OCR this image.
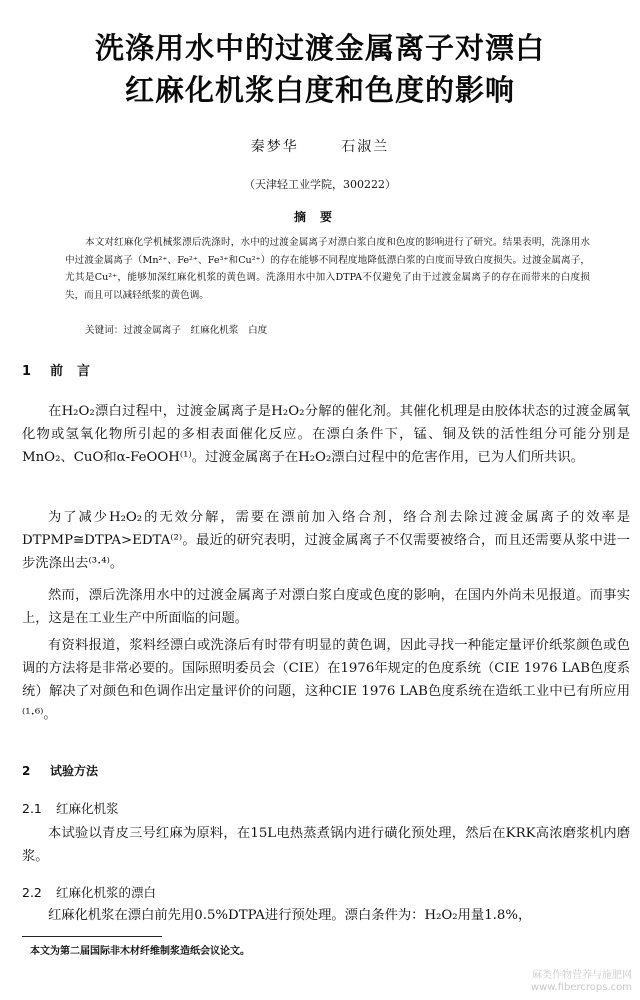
洗涤用水中的过渡金属离子对漂白
红麻化机浆白度和色度的影响
秦梦华	石淑兰
（天津轻工业学院，300222）
摘要
本文对红麻化学机械浆漂后洗涤时，水中的过渡金属离子对漂白浆白度和色度的影响进行了研究。结果表明，洗涤用水中过渡金属离子（Mn²⁺、Fe²⁺、Fe³⁺和Cu²⁺）的存在能够不同程度地降低漂白浆的白度而导致白度损失。过渡金属离子，尤其是Cu²⁺，能够加深红麻化机浆的黄色调。洗涤用水中加入DTPA不仅避免了由于过渡金属离子的存在而带来的白度损失，而且可以减轻纸浆的黄色调。
关键词：过渡金属离子　红麻化机浆　白度
1 前言
在H₂O₂漂白过程中，过渡金属离子是H₂O₂分解的催化剂。其催化机理是由胶体状态的过渡金属氧化物或氢氧化物所引起的多相表面催化反应。在漂白条件下，锰、铜及铁的活性组分可能分别是MnO₂、CuO和α-FeOOH⁽¹⁾。过渡金属离子在H₂O₂漂白过程中的危害作用，已为人们所共识。
为了减少H₂O₂的无效分解，需要在漂前加入络合剂，络合剂去除过渡金属离子的效率是DTPMP≅DTPA>EDTA⁽²⁾。最近的研究表明，过渡金属离子不仅需要被络合，而且还需要从浆中进一步洗涤出去⁽³·⁴⁾。
然而，漂后洗涤用水中的过渡金属离子对漂白浆白度或色度的影响，在国内外尚未见报道。而事实上，这是在工业生产中所面临的问题。
有资料报道，浆料经漂白或洗涤后有时带有明显的黄色调，因此寻找一种能定量评价纸浆颜色或色调的方法将是非常必要的。国际照明委员会（CIE）在1976年规定的色度系统（CIE 1976 LAB色度系统）解决了对颜色和色调作出定量评价的问题，这种CIE 1976 LAB色度系统在造纸工业中已有所应用⁽¹·⁶⁾。
2 试验方法
2.1 红麻化机浆
本试验以青皮三号红麻为原料，在15L电热蒸煮锅内进行磺化预处理，然后在KRK高浓磨浆机内磨浆。
2.2 红麻化机浆的漂白
红麻化机浆在漂白前先用0.5%DTPA进行预处理。漂白条件为：H₂O₂用量1.8%，
本文为第二届国际非木材纤维制浆造纸会议论文。
麻类作物营养与施肥网
www.fibercrops.com
